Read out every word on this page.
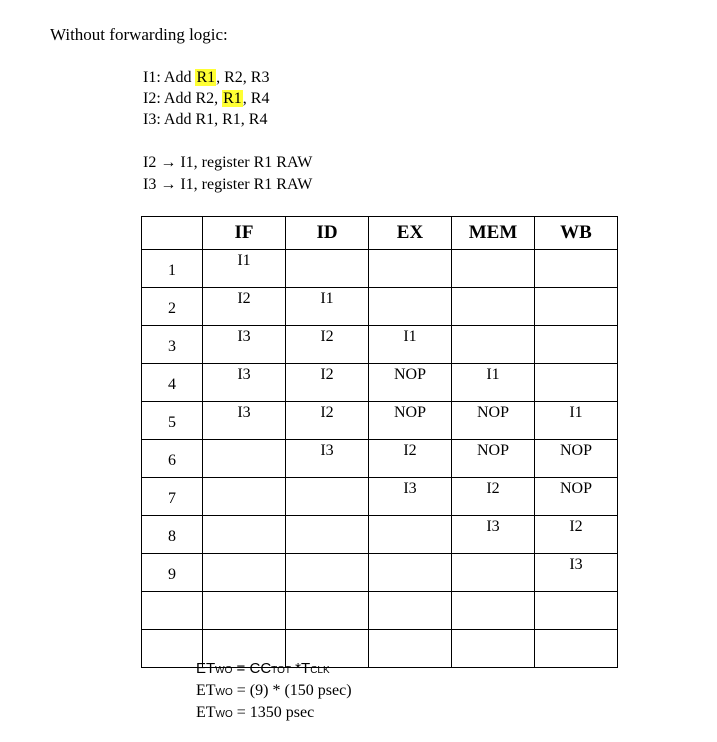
Without forwarding logic:
I1: Add R1, R2, R3
I2: Add R2, R1, R4
I3: Add R1, R1, R4
I2 → I1, register R1 RAW
I3 → I1, register R1 RAW
	IF	ID	EX	MEM	WB
1	I1				
2	I2	I1			
3	I3	I2	I1		
4	I3	I2	NOP	I1	
5	I3	I2	NOP	NOP	I1
6		I3	I2	NOP	NOP
7			I3	I2	NOP
8				I3	I2
9					I3

ETWO = CCTOT *TCLK
ETWO = (9) * (150 psec)
ETWO = 1350 psec
